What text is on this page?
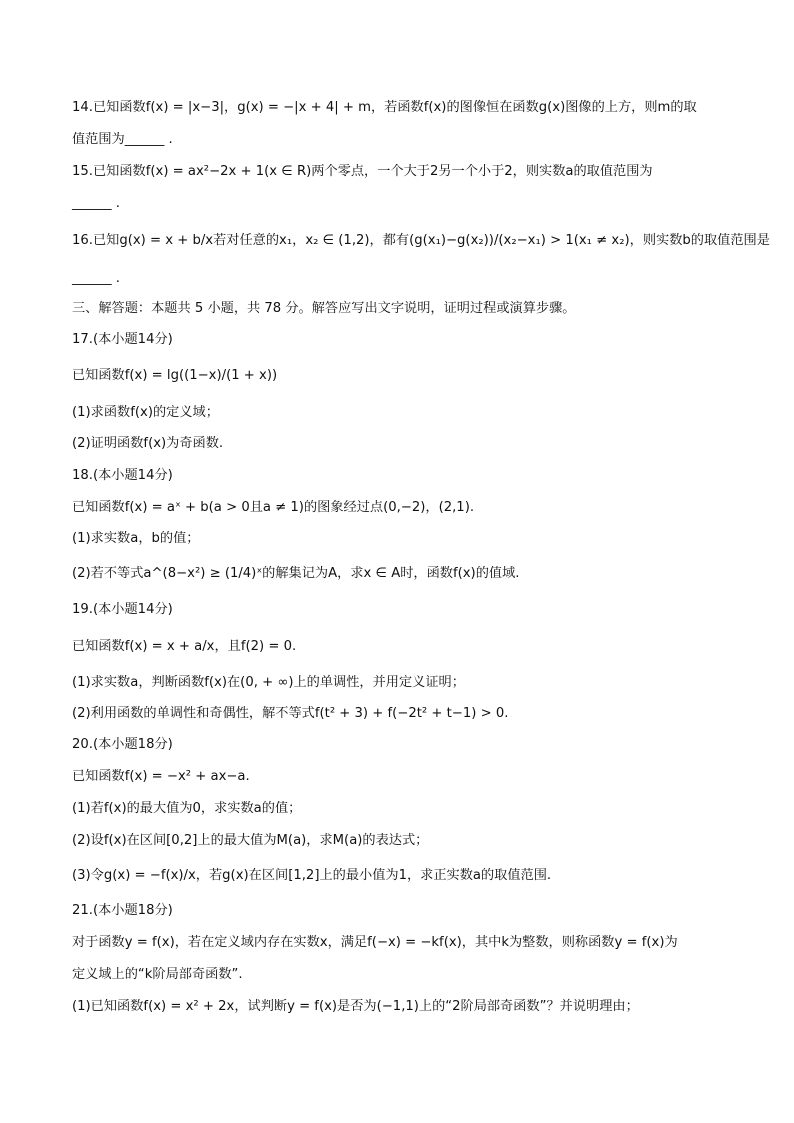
14.已知函数f(x) = |x−3|，g(x) = −|x + 4| + m，若函数f(x)的图像恒在函数g(x)图像的上方，则m的取
值范围为______ .
15.已知函数f(x) = ax²−2x + 1(x ∈ R)两个零点，一个大于2另一个小于2，则实数a的取值范围为
______ .
16.已知g(x) = x + b/x若对任意的x₁，x₂ ∈ (1,2)，都有(g(x₁)−g(x₂))/(x₂−x₁) > 1(x₁ ≠ x₂)，则实数b的取值范围是
______ .
三、解答题：本题共 5 小题，共 78 分。解答应写出文字说明，证明过程或演算步骤。
17.(本小题14分)
已知函数f(x) = lg((1−x)/(1 + x))
(1)求函数f(x)的定义域；
(2)证明函数f(x)为奇函数.
18.(本小题14分)
已知函数f(x) = aˣ + b(a > 0且a ≠ 1)的图象经过点(0,−2)，(2,1).
(1)求实数a，b的值；
(2)若不等式a^(8−x²) ≥ (1/4)ˣ的解集记为A，求x ∈ A时，函数f(x)的值域.
19.(本小题14分)
已知函数f(x) = x + a/x，且f(2) = 0.
(1)求实数a，判断函数f(x)在(0, + ∞)上的单调性，并用定义证明；
(2)利用函数的单调性和奇偶性，解不等式f(t² + 3) + f(−2t² + t−1) > 0.
20.(本小题18分)
已知函数f(x) = −x² + ax−a.
(1)若f(x)的最大值为0，求实数a的值；
(2)设f(x)在区间[0,2]上的最大值为M(a)，求M(a)的表达式；
(3)令g(x) = −f(x)/x，若g(x)在区间[1,2]上的最小值为1，求正实数a的取值范围.
21.(本小题18分)
对于函数y = f(x)，若在定义域内存在实数x，满足f(−x) = −kf(x)，其中k为整数，则称函数y = f(x)为
定义域上的“k阶局部奇函数”.
(1)已知函数f(x) = x² + 2x，试判断y = f(x)是否为(−1,1)上的“2阶局部奇函数”？并说明理由；
